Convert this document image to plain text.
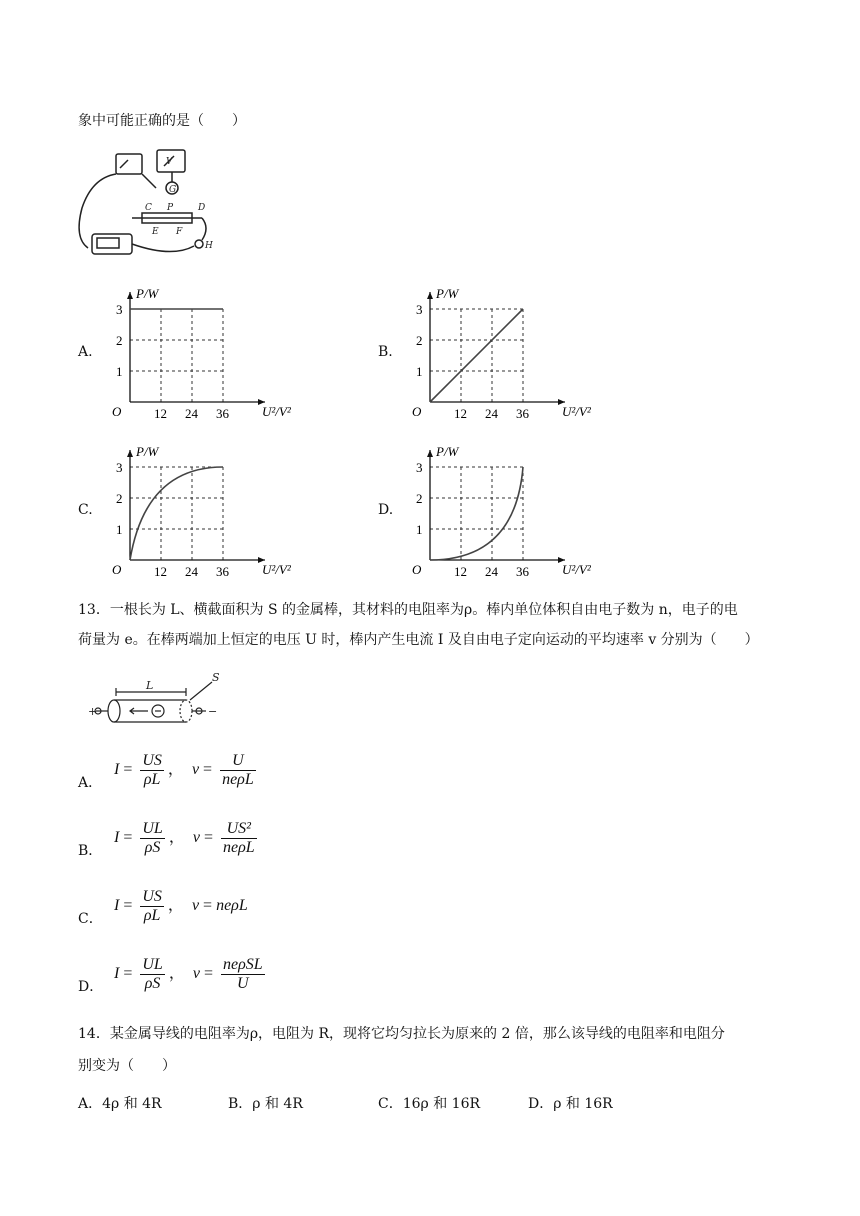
象中可能正确的是（　　）
G
C P	D
E F
H
V
A.
12 24 36
1
2
3
O
P/W
U²/V²
B.
12 24 36
1
2
3
O
P/W
U²/V²
C.
12 24 36
1
2
3
O
P/W
U²/V²
D.
12 24 36
1
2
3
O
P/W
U²/V²
13．一根长为 L、横截面积为 S 的金属棒，其材料的电阻率为ρ。棒内单位体积自由电子数为 n，电子的电
荷量为 e。在棒两端加上恒定的电压 U 时，棒内产生电流 I 及自由电子定向运动的平均速率 v 分别为（　　）
+	−
L
S
A．
$I = \frac{US}{\rho L}$ ，  $v = \frac{U}{\text{neρL}}$
B．
$I = \frac{UL}{\rho S}$ ，  $v = \frac{\text{US²}}{\text{neρL}}$
C．
$I = \frac{US}{\rho L}$ ，  v = neρL
D．
$I = \frac{UL}{\rho S}$ ，  $v = \frac{\text{neρSL}}{U}$
14．某金属导线的电阻率为ρ，电阻为 R，现将它均匀拉长为原来的 2 倍，那么该导线的电阻率和电阻分
别变为（　　）
A．4ρ 和 4R	B．ρ 和 4R	C．16ρ 和 16R	D．ρ 和 16R
